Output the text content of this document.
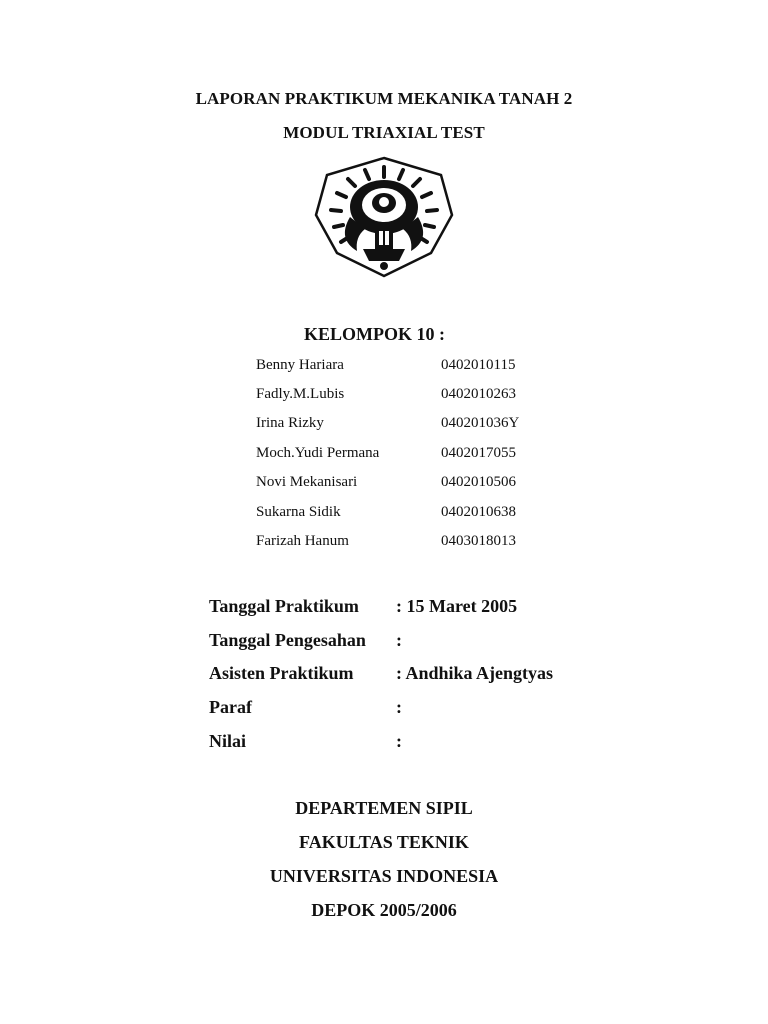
LAPORAN PRAKTIKUM MEKANIKA TANAH 2
MODUL TRIAXIAL TEST
KELOMPOK 10 :
Benny Hariara	0402010115
Fadly.M.Lubis	0402010263
Irina Rizky	040201036Y
Moch.Yudi Permana	0402017055
Novi Mekanisari	0402010506
Sukarna Sidik	0402010638
Farizah Hanum	0403018013
Tanggal Praktikum : 15 Maret 2005
Tanggal Pengesahan :
Asisten Praktikum : Andhika Ajengtyas
Paraf	:
Nilai	:
DEPARTEMEN SIPIL
FAKULTAS TEKNIK
UNIVERSITAS INDONESIA
DEPOK 2005/2006
